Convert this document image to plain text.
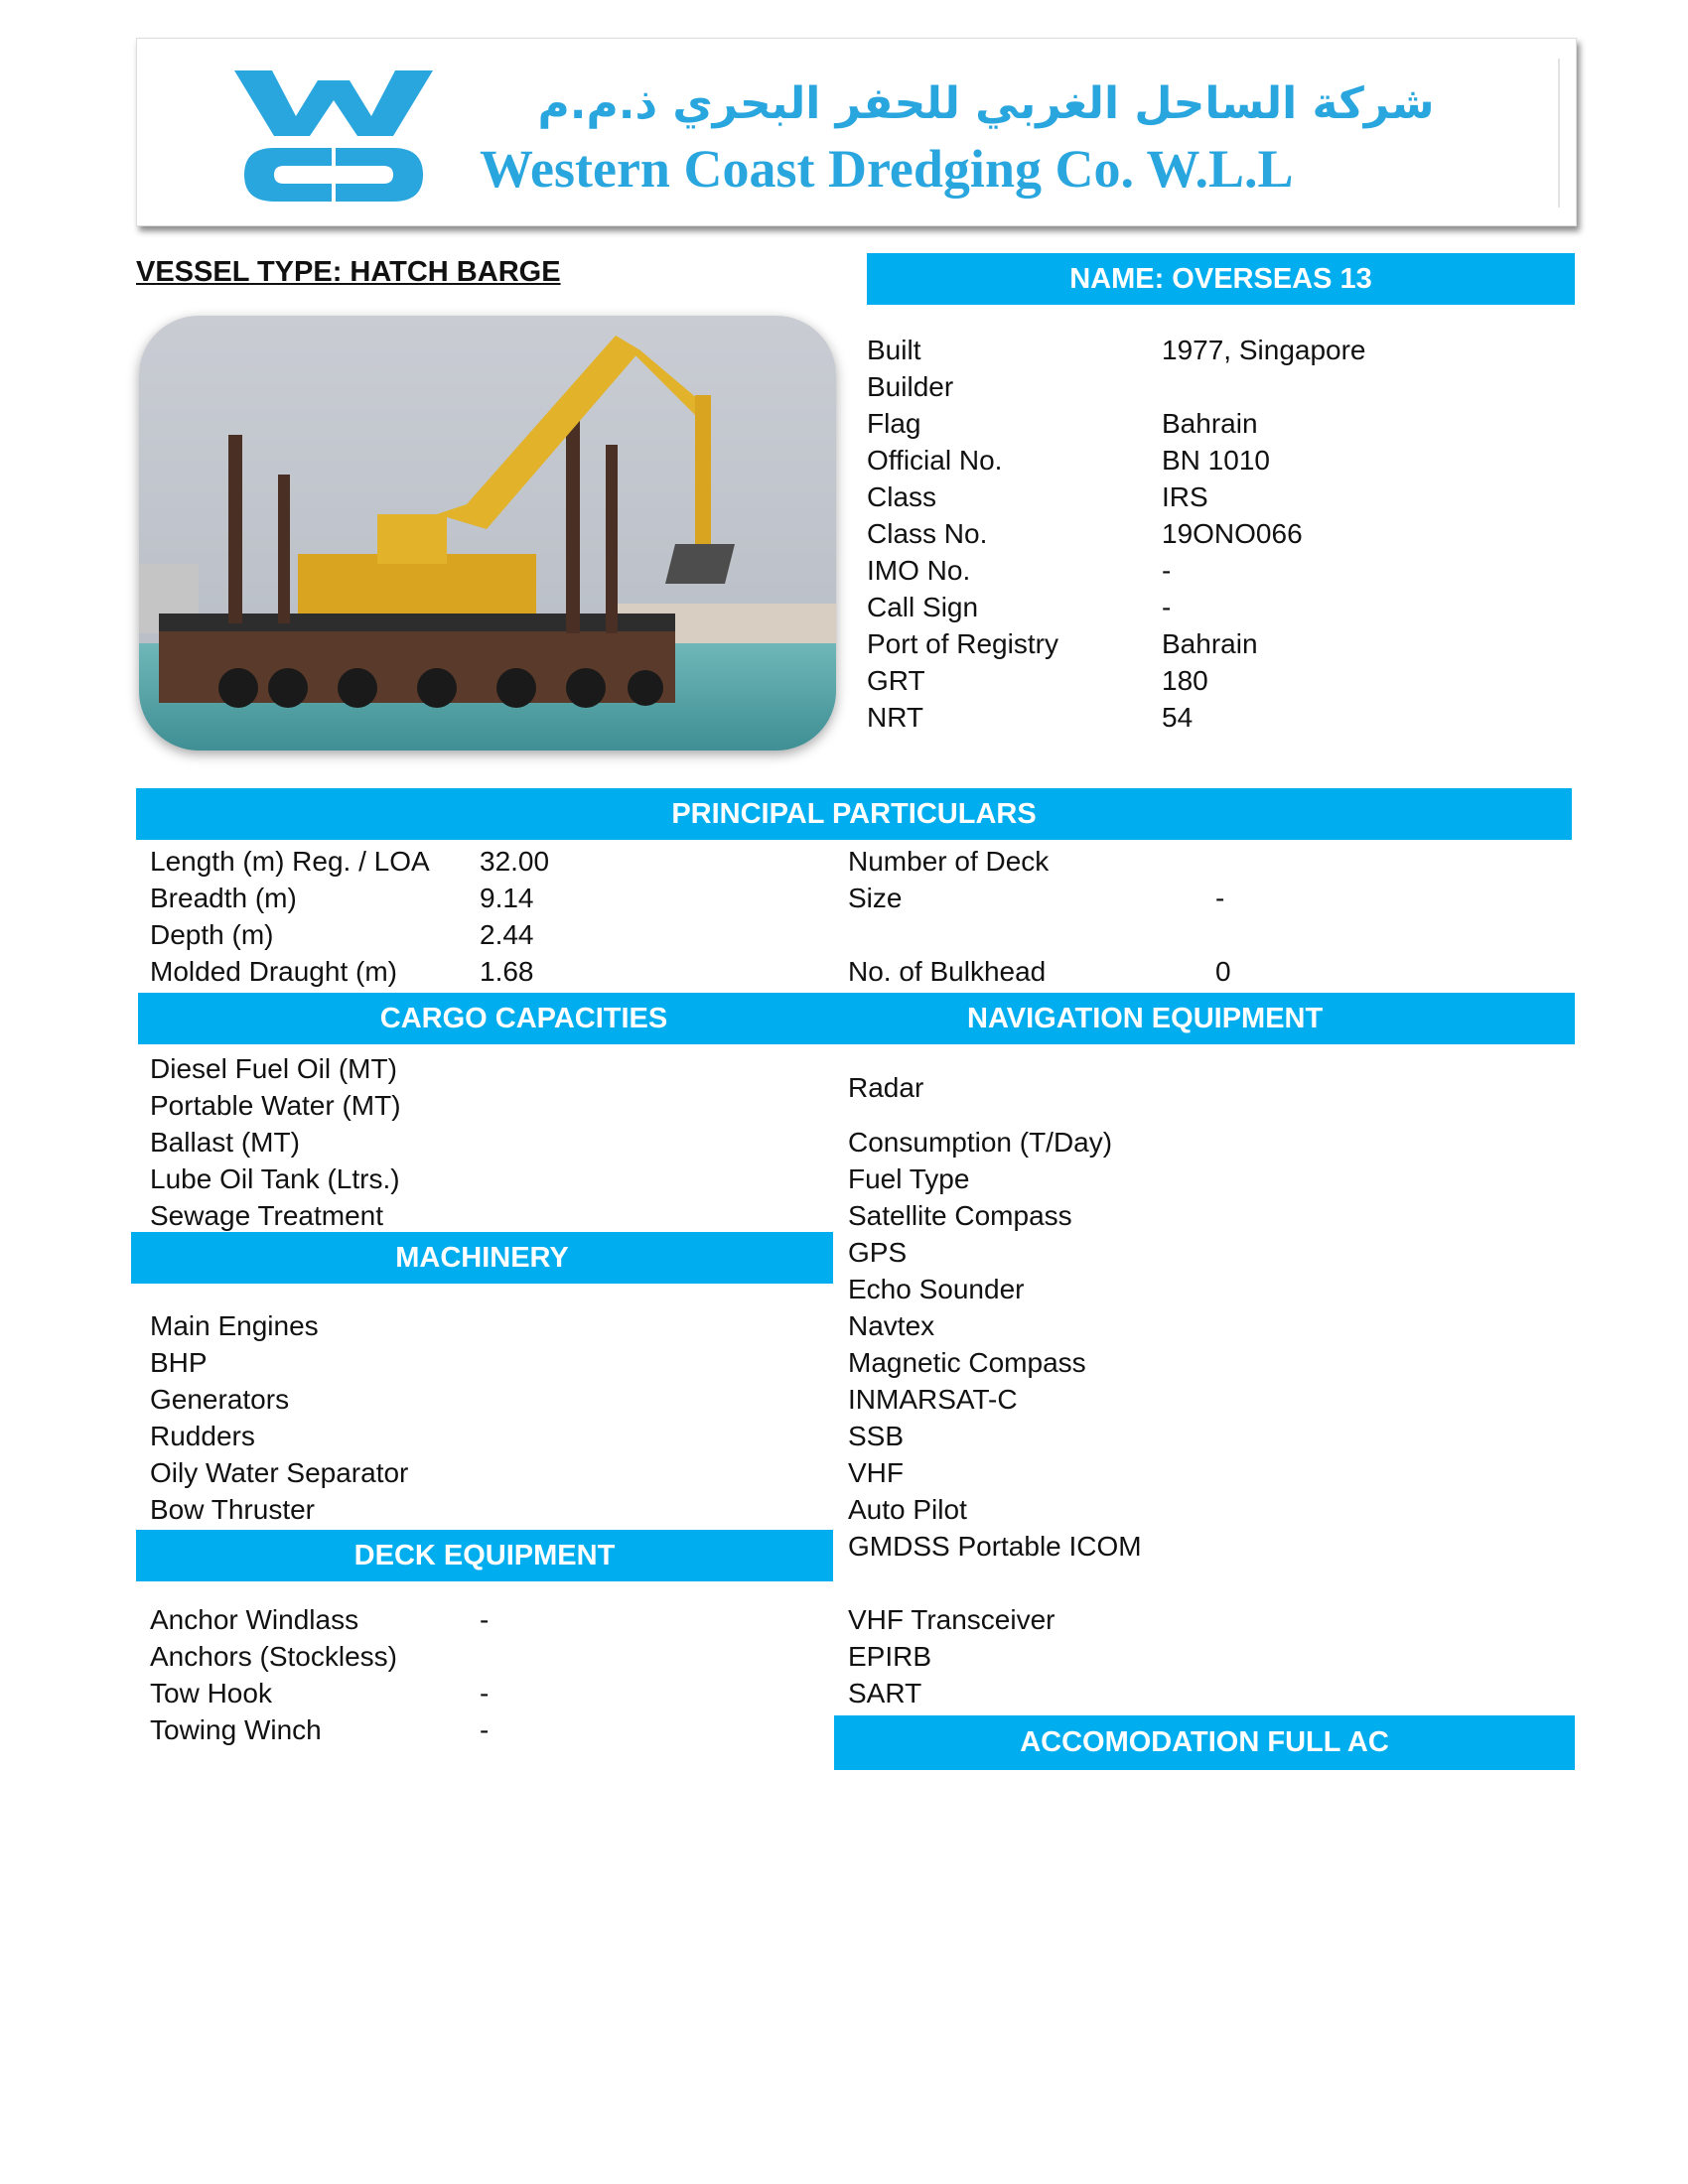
شركة الساحل الغربي للحفر البحري ذ.م.م
Western Coast Dredging Co. W.L.L
VESSEL TYPE: HATCH BARGE	NAME: OVERSEAS 13
Built	1977, Singapore
Builder
Flag	Bahrain
Official No.	BN 1010
Class	IRS
Class No.	19ONO066
IMO No.	-
Call Sign	-
Port of Registry	Bahrain
GRT	180
NRT	54
PRINCIPAL PARTICULARS
Length (m) Reg. / LOA 32.00
Breadth (m)	9.14
Depth (m)	2.44
Molded Draught (m)	1.68
Number of Deck
Size	-
No. of Bulkhead	0
CARGO CAPACITIES	NAVIGATION EQUIPMENT
Diesel Fuel Oil (MT)
Portable Water (MT)
Ballast (MT)
Lube Oil Tank (Ltrs.)
Sewage Treatment
Radar
Consumption (T/Day)
Fuel Type
Satellite Compass
GPS
Echo Sounder
Navtex
Magnetic Compass
INMARSAT-C
SSB
VHF
Auto Pilot
GMDSS Portable ICOM
VHF Transceiver
EPIRB
SART
MACHINERY
Main Engines
BHP
Generators
Rudders
Oily Water Separator
Bow Thruster
DECK EQUIPMENT
Anchor Windlass	-
Anchors (Stockless)
Tow Hook	-
Towing Winch	-	ACCOMODATION FULL AC
